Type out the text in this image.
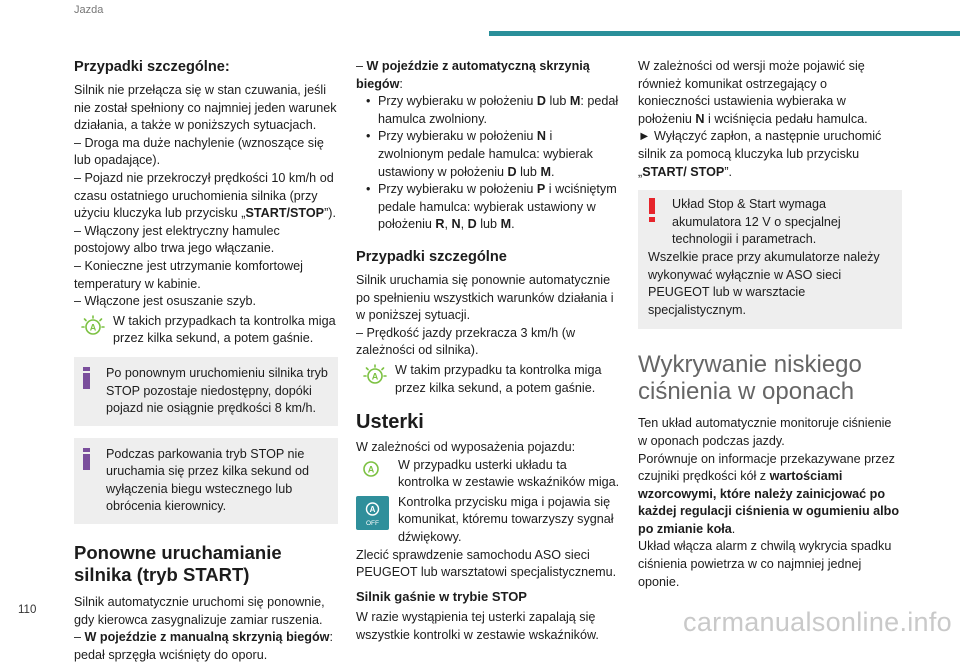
Jazda
Przypadki szczególne:

Silnik nie przełącza się w stan czuwania, jeśli nie został spełniony co najmniej jeden warunek działania, a także w poniższych sytuacjach.

– Droga ma duże nachylenie (wznoszące się lub opadające).

– Pojazd nie przekroczył prędkości 10 km/h od czasu ostatniego uruchomienia silnika (przy użyciu kluczyka lub przycisku „START/STOP”).

– Włączony jest elektryczny hamulec postojowy albo trwa jego włączanie.

– Konieczne jest utrzymanie komfortowej temperatury w kabinie.

– Włączone jest osuszanie szyb.

A W takich przypadkach ta kontrolka miga przez kilka sekund, a potem gaśnie.
Po ponownym uruchomieniu silnika tryb STOP pozostaje niedostępny, dopóki pojazd nie osiągnie prędkości 8 km/h.
Podczas parkowania tryb STOP nie uruchamia się przez kilka sekund od wyłączenia biegu wstecznego lub obrócenia kierownicy.
Ponowne uruchamianie silnika (tryb START)

Silnik automatycznie uruchomi się ponownie, gdy kierowca zasygnalizuje zamiar ruszenia.

– W pojeździe z manualną skrzynią biegów: pedał sprzęgła wciśnięty do oporu.

– W pojeździe z automatyczną skrzynią biegów:

• Przy wybieraku w położeniu D lub M: pedał hamulca zwolniony.

• Przy wybieraku w położeniu N i zwolnionym pedale hamulca: wybierak ustawiony w położeniu D lub M.

• Przy wybieraku w położeniu P i wciśniętym pedale hamulca: wybierak ustawiony w położeniu R, N, D lub M.

Przypadki szczególne

Silnik uruchamia się ponownie automatycznie po spełnieniu wszystkich warunków działania i w poniższej sytuacji.

– Prędkość jazdy przekracza 3 km/h (w zależności od silnika).

A W takim przypadku ta kontrolka miga przez kilka sekund, a potem gaśnie.
Usterki

W zależności od wyposażenia pojazdu:

A W przypadku usterki układu ta kontrolka w zestawie wskaźników miga.
A
OFF

Kontrolka przycisku miga i pojawia się komunikat, któremu towarzyszy sygnał dźwiękowy.

Zlecić sprawdzenie samochodu ASO sieci PEUGEOT lub warsztatowi specjalistycznemu.

Silnik gaśnie w trybie STOP

W razie wystąpienia tej usterki zapalają się wszystkie kontrolki w zestawie wskaźników.

W zależności od wersji może pojawić się również komunikat ostrzegający o konieczności ustawienia wybieraka w położeniu N i wciśnięcia pedału hamulca.

► Wyłączyć zapłon, a następnie uruchomić silnik za pomocą kluczyka lub przycisku „START/ STOP”.

Układ Stop & Start wymaga akumulatora 12 V o specjalnej technologii i parametrach.

Wszelkie prace przy akumulatorze należy wykonywać wyłącznie w ASO sieci PEUGEOT lub w warsztacie specjalistycznym.

Wykrywanie niskiego ciśnienia w oponach

Ten układ automatycznie monitoruje ciśnienie w oponach podczas jazdy.

Porównuje on informacje przekazywane przez czujniki prędkości kół z wartościami wzorcowymi, które należy zainicjować po każdej regulacji ciśnienia w ogumieniu albo po zmianie koła.

Układ włącza alarm z chwilą wykrycia spadku ciśnienia powietrza w co najmniej jednej oponie.

110	carmanualsonline.info
